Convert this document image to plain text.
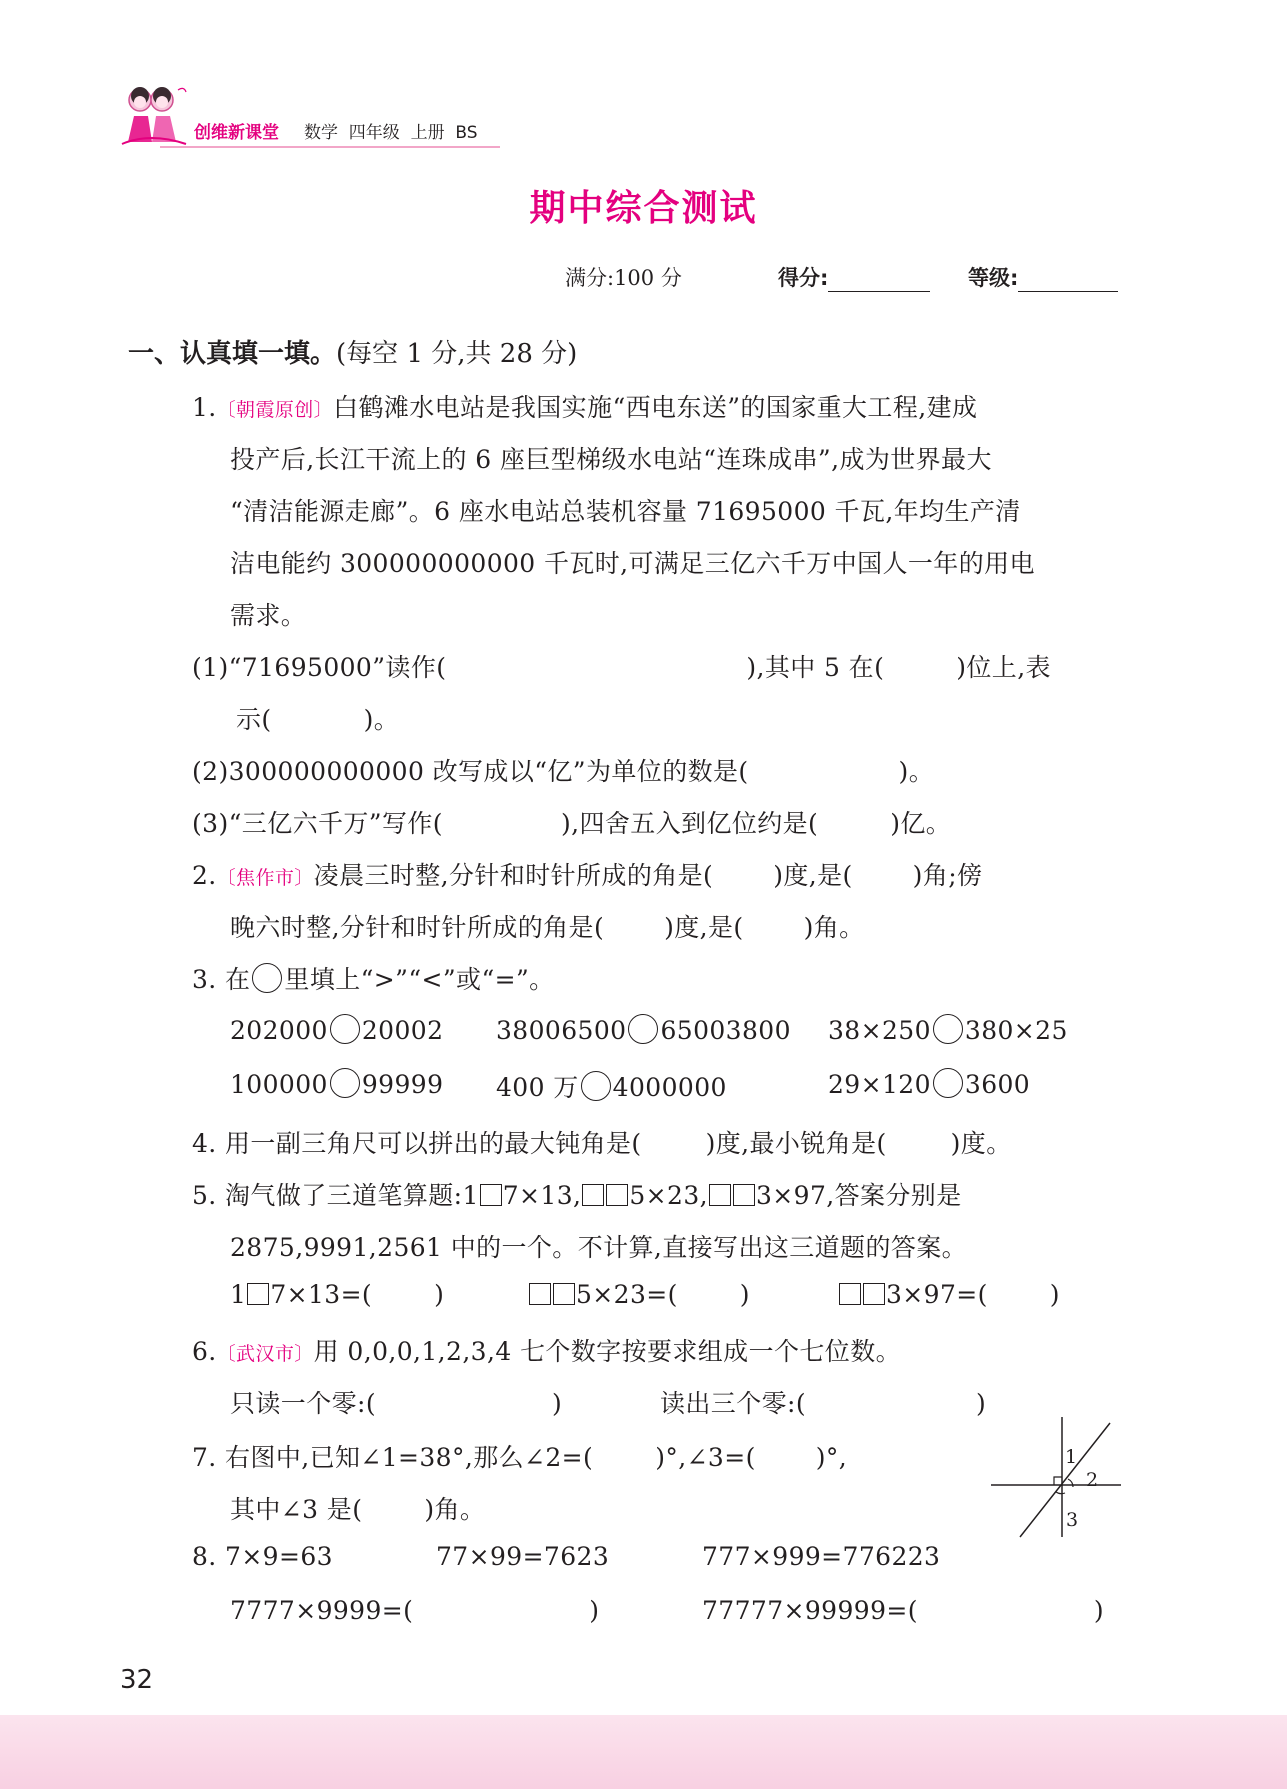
创维新课堂 数学  四年级  上册  BS
期中综合测试
满分:100 分	得分:	等级:
一、认真填一填。(每空 1 分,共 28 分)
1.〔朝霞原创〕白鹤滩水电站是我国实施“西电东送”的国家重大工程,建成
投产后,长江干流上的 6 座巨型梯级水电站“连珠成串”,成为世界最大
“清洁能源走廊”。6 座水电站总装机容量 71695000 千瓦,年均生产清
洁电能约 300000000000 千瓦时,可满足三亿六千万中国人一年的用电
需求。
(1)“71695000”读作(	),其中 5 在(	)位上,表
示(	)。
(2)300000000000 改写成以“亿”为单位的数是(	)。
(3)“三亿六千万”写作(	),四舍五入到亿位约是(	)亿。
2.〔焦作市〕凌晨三时整,分针和时针所成的角是( )度,是( )角;傍
晚六时整,分针和时针所成的角是( )度,是( )角。
3. 在 里填上“>”“<”或“=”。
202000 20002 38006500 65003800 38×250 380×25
100000 99999 400 万 4000000	29×120 3600
4. 用一副三角尺可以拼出的最大钝角是(	)度,最小锐角是(	)度。
5. 淘气做了三道笔算题:1 7×13, 5×23, 3×97,答案分别是
2875,9991,2561 中的一个。不计算,直接写出这三道题的答案。
1 7×13=( )	5×23=( )	3×97=( )
6.〔武汉市〕用 0,0,0,1,2,3,4 七个数字按要求组成一个七位数。
只读一个零:(	)	读出三个零:(	)
7. 右图中,已知∠1=38°,那么∠2=( )°,∠3=( )°,
其中∠3 是( )角。
1
2
3
8. 7×9=63	77×99=7623	777×999=776223
7777×9999=(	)	77777×99999=(	)
32
